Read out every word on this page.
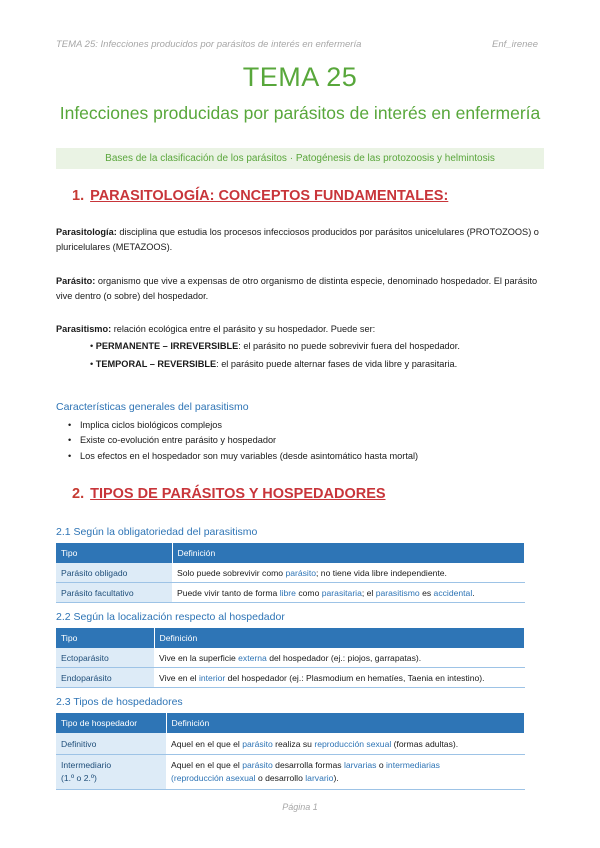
TEMA 25: Infecciones producidos por parásitos de interés en enfermería	Enf_irenee
TEMA 25
Infecciones producidas por parásitos de interés en enfermería
Bases de la clasificación de los parásitos · Patogénesis de las protozoosis y helmintosis
1. PARASITOLOGÍA: CONCEPTOS FUNDAMENTALES:
Parasitología: disciplina que estudia los procesos infecciosos producidos por parásitos unicelulares (PROTOZOOS) o pluricelulares (METAZOOS).
Parásito: organismo que vive a expensas de otro organismo de distinta especie, denominado hospedador. El parásito vive dentro (o sobre) del hospedador.
Parasitismo: relación ecológica entre el parásito y su hospedador. Puede ser:
• PERMANENTE – IRREVERSIBLE: el parásito no puede sobrevivir fuera del hospedador.
• TEMPORAL – REVERSIBLE: el parásito puede alternar fases de vida libre y parasitaria.
Características generales del parasitismo
• Implica ciclos biológicos complejos
• Existe co-evolución entre parásito y hospedador
• Los efectos en el hospedador son muy variables (desde asintomático hasta mortal)
2. TIPOS DE PARÁSITOS Y HOSPEDADORES
2.1 Según la obligatoriedad del parasitismo
Tipo	Definición
Parásito obligado	Solo puede sobrevivir como parásito; no tiene vida libre independiente.
Parásito facultativo	Puede vivir tanto de forma libre como parasitaria; el parasitismo es accidental.
2.2 Según la localización respecto al hospedador
Tipo	Definición
Ectoparásito	Vive en la superficie externa del hospedador (ej.: piojos, garrapatas).
Endoparásito	Vive en el interior del hospedador (ej.: Plasmodium en hematíes, Taenia en intestino).
2.3 Tipos de hospedadores
Tipo de hospedador	Definición
Definitivo	Aquel en el que el parásito realiza su reproducción sexual (formas adultas).
Intermediario
(1.º o 2.º)	Aquel en el que el parásito desarrolla formas larvarias o intermediarias
(reproducción asexual o desarrollo larvario).
Página 1
